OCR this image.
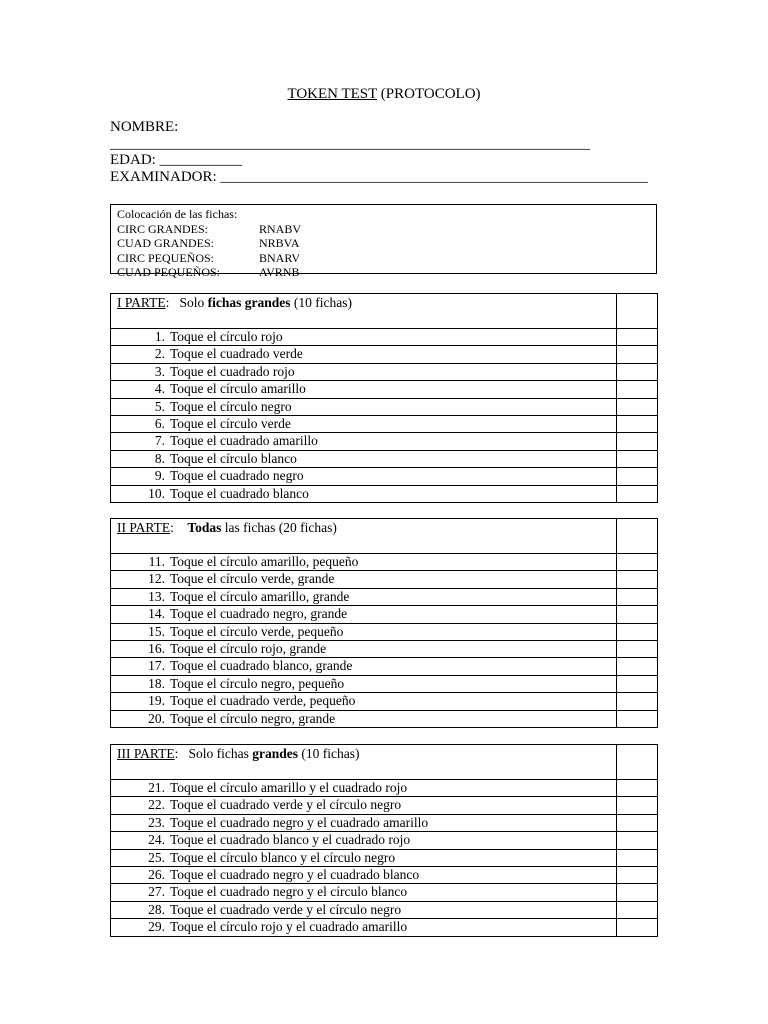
TOKEN TEST (PROTOCOLO)
NOMBRE:
________________________________________________________________
EDAD: ___________
EXAMINADOR: _________________________________________________________
Colocación de las fichas:
CIRC GRANDES:	RNABV
CUAD GRANDES:	NRBVA
CIRC PEQUEÑOS:	BNARV
CUAD PEQUEÑOS:	AVRNB
I PARTE:   Solo fichas grandes (10 fichas)	
1. Toque el círculo rojo	
2. Toque el cuadrado verde	
3. Toque el cuadrado rojo	
4. Toque el círculo amarillo	
5. Toque el círculo negro	
6. Toque el círculo verde	
7. Toque el cuadrado amarillo	
8. Toque el círculo blanco	
9. Toque el cuadrado negro	
10. Toque el cuadrado blanco	
II PARTE:    Todas las fichas (20 fichas)	
11. Toque el círculo amarillo, pequeño	
12. Toque el círculo verde, grande	
13. Toque el círculo amarillo, grande	
14. Toque el cuadrado negro, grande	
15. Toque el círculo verde, pequeño	
16. Toque el círculo rojo, grande	
17. Toque el cuadrado blanco, grande	
18. Toque el círculo negro, pequeño	
19. Toque el cuadrado verde, pequeño	
20. Toque el círculo negro, grande	
III PARTE:   Solo fichas grandes (10 fichas)	
21. Toque el círculo amarillo y el cuadrado rojo	
22. Toque el cuadrado verde y el círculo negro	
23. Toque el cuadrado negro y el cuadrado amarillo	
24. Toque el cuadrado blanco y el cuadrado rojo	
25. Toque el círculo blanco y el círculo negro	
26. Toque el cuadrado negro y el cuadrado blanco	
27. Toque el cuadrado negro y el círculo blanco	
28. Toque el cuadrado verde y el círculo negro	
29. Toque el círculo rojo y el cuadrado amarillo	
